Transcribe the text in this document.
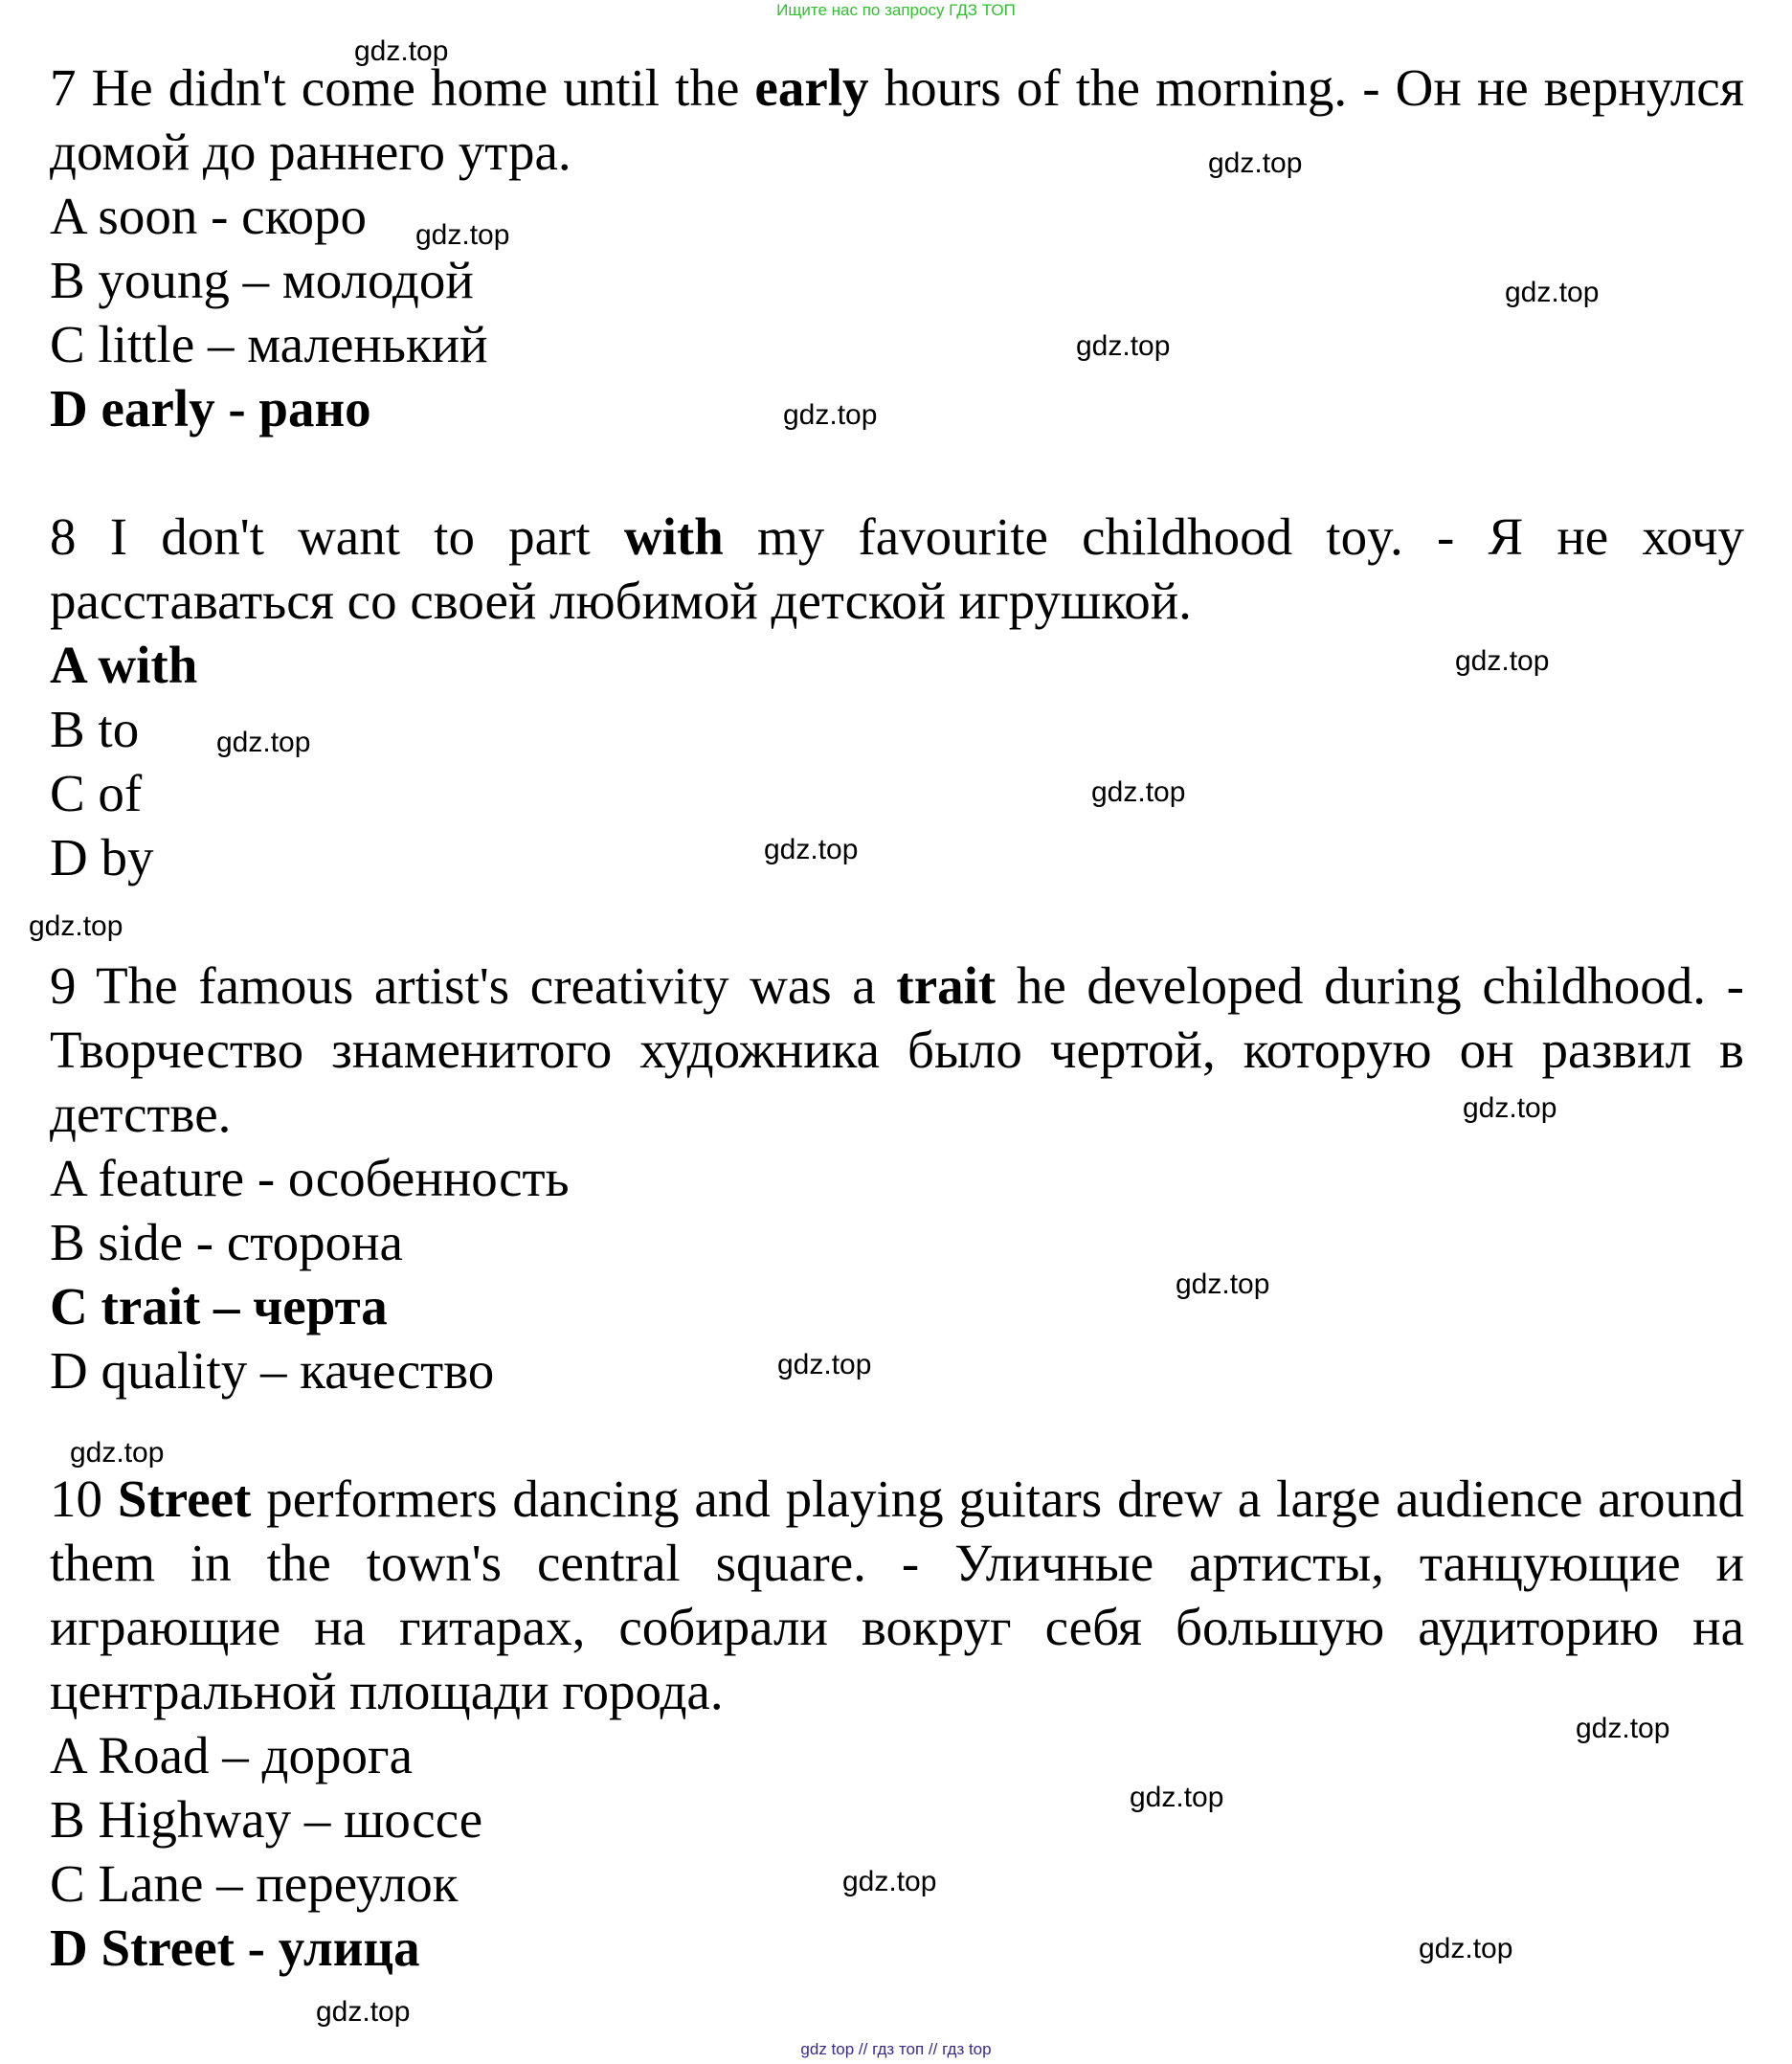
Ищите нас по запросу ГДЗ ТОП

7 He didn't come home until the early hours of the morning. - Он не вернулся домой до раннего утра.

A soon - скоро

B young – молодой

C little – маленький

D early - рано

8 I don't want to part with my favourite childhood toy. - Я не хочу расставаться со своей любимой детской игрушкой.

A with

B to

C of

D by

9 The famous artist's creativity was a trait he developed during childhood. - Творчество знаменитого художника было чертой, которую он развил в детстве.

A feature - особенность

B side - сторона

C trait – черта

D quality – качество

10 Street performers dancing and playing guitars drew a large audience around them in the town's central square. - Уличные артисты, танцующие и играющие на гитарах, собирали вокруг себя большую аудиторию на центральной площади города.

A Road – дорога

B Highway – шоссе

C Lane – переулок

D Street - улица

gdz.top
gdz.top
gdz.top
gdz.top
gdz.top
gdz.top
gdz.top
gdz.top
gdz.top
gdz.top
gdz.top
gdz.top
gdz.top
gdz.top
gdz.top
gdz.top
gdz.top
gdz.top
gdz.top
gdz.top
gdz top // гдз топ // гдз top
